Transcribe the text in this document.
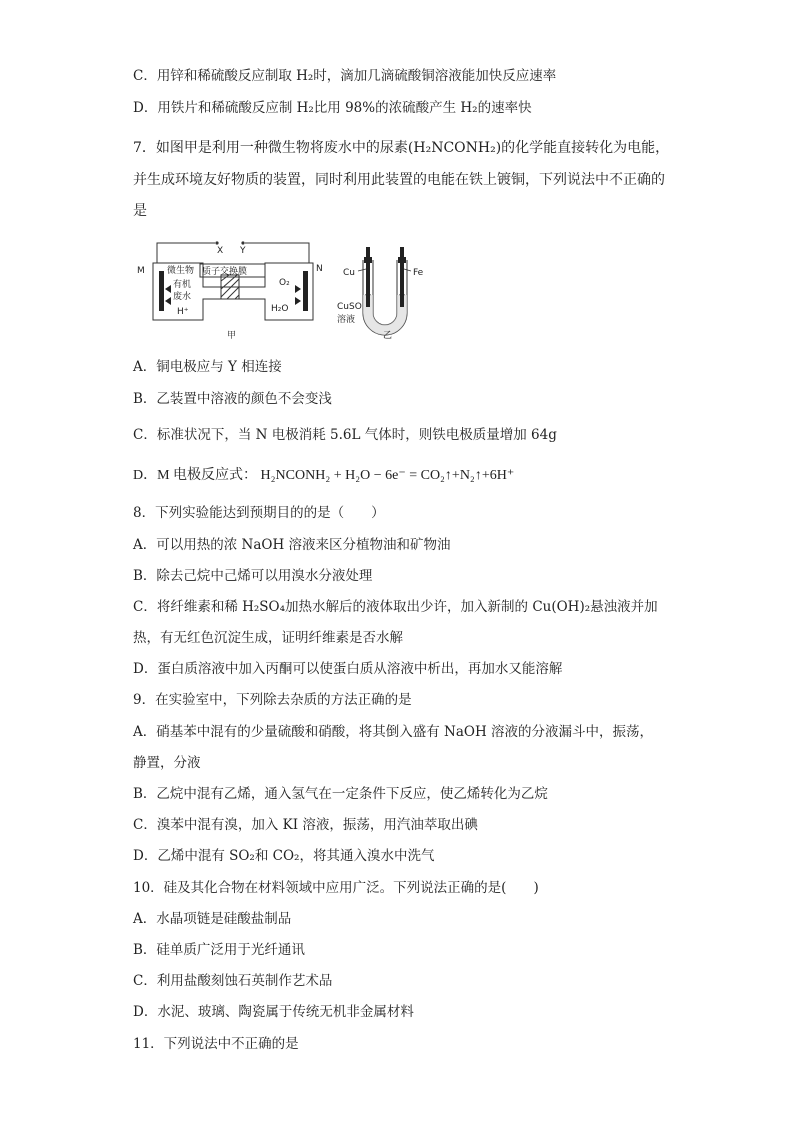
C．用锌和稀硫酸反应制取 H₂时，滴加几滴硫酸铜溶液能加快反应速率
D．用铁片和稀硫酸反应制 H₂比用 98%的浓硫酸产生 H₂的速率快
7．如图甲是利用一种微生物将废水中的尿素(H₂NCONH₂)的化学能直接转化为电能，
并生成环境友好物质的装置，同时利用此装置的电能在铁上镀铜，下列说法中不正确的
是
X Y
M	N
微生物
有机
废水
H⁺
质子交换膜
O₂
H₂O
甲
Cu	Fe
CuSO
溶液
乙
A．铜电极应与 Y 相连接
B．乙装置中溶液的颜色不会变浅
C．标准状况下，当 N 电极消耗 5.6L 气体时，则铁电极质量增加 64g
D．M 电极反应式： H₂NCONH₂ + H₂O − 6e⁻ = CO₂↑+N₂↑+6H⁺
8．下列实验能达到预期目的的是（　　）
A．可以用热的浓 NaOH 溶液来区分植物油和矿物油
B．除去己烷中己烯可以用溴水分液处理
C．将纤维素和稀 H₂SO₄加热水解后的液体取出少许，加入新制的 Cu(OH)₂悬浊液并加
热，有无红色沉淀生成，证明纤维素是否水解
D．蛋白质溶液中加入丙酮可以使蛋白质从溶液中析出，再加水又能溶解
9．在实验室中，下列除去杂质的方法正确的是
A．硝基苯中混有的少量硫酸和硝酸，将其倒入盛有 NaOH 溶液的分液漏斗中，振荡，
静置，分液
B．乙烷中混有乙烯，通入氢气在一定条件下反应，使乙烯转化为乙烷
C．溴苯中混有溴，加入 KI 溶液，振荡，用汽油萃取出碘
D．乙烯中混有 SO₂和 CO₂，将其通入溴水中洗气
10．硅及其化合物在材料领域中应用广泛。下列说法正确的是(　　)
A．水晶项链是硅酸盐制品
B．硅单质广泛用于光纤通讯
C．利用盐酸刻蚀石英制作艺术品
D．水泥、玻璃、陶瓷属于传统无机非金属材料
11．下列说法中不正确的是
